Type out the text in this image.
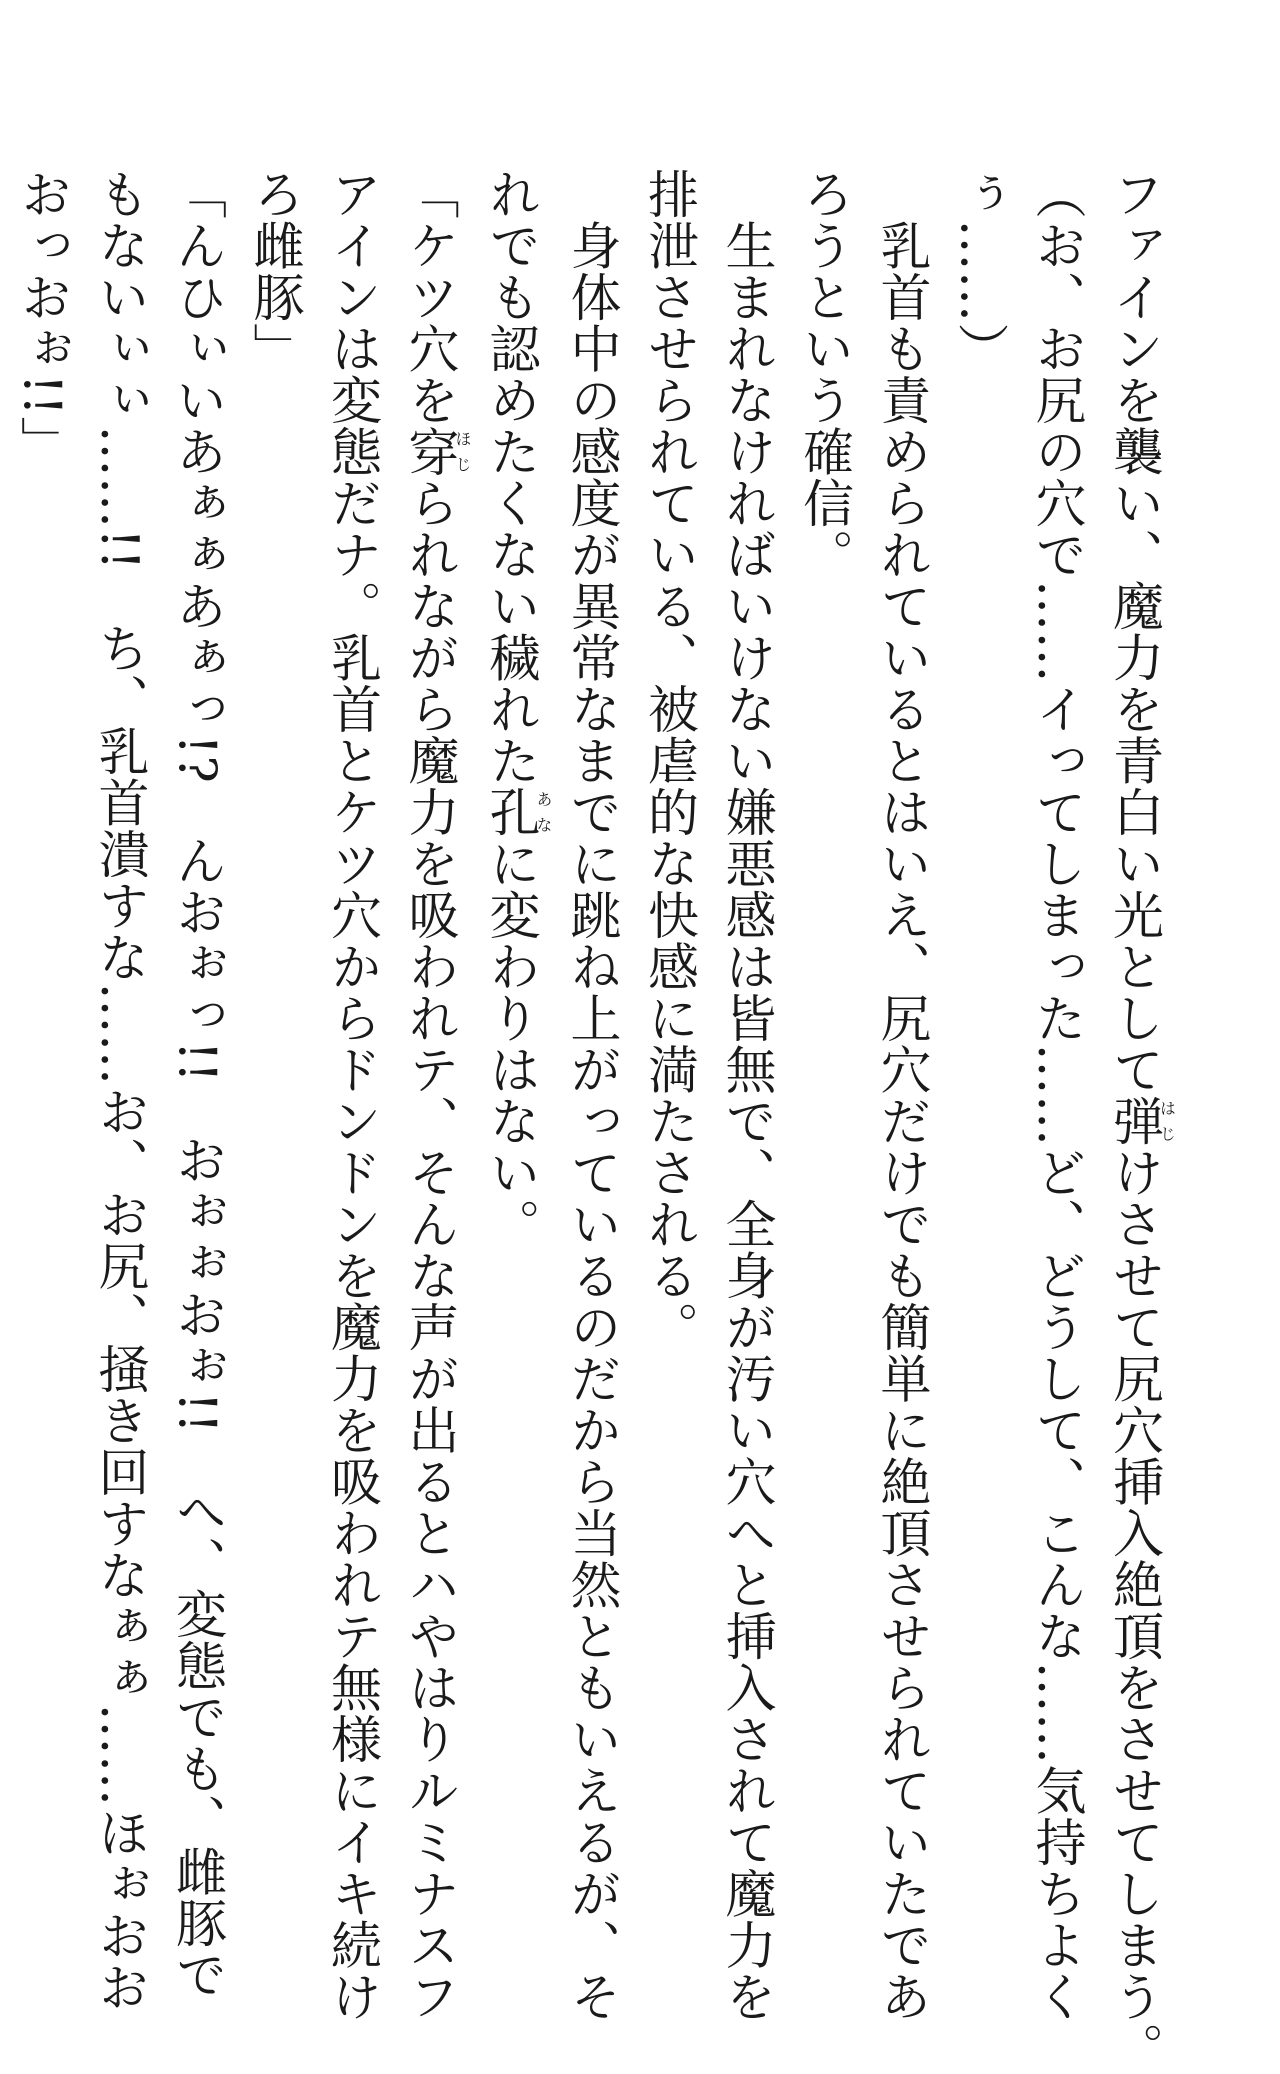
ファインを襲い、魔力を青白い光として弾はじけさせて尻穴挿入絶頂をさせてしまう。
（お、お尻の穴で……イってしまった……ど、どうして、こんな……気持ちよく
ぅ……）
　乳首も責められているとはいえ、尻穴だけでも簡単に絶頂させられていたであ
ろうという確信。
　生まれなければいけない嫌悪感は皆無で、全身が汚い穴へと挿入されて魔力を
排泄させられている、被虐的な快感に満たされる。
　身体中の感度が異常なまでに跳ね上がっているのだから当然ともいえるが、そ
れでも認めたくない穢れた孔あなに変わりはない。
「ケツ穴を穿ほじられながら魔力を吸われテ、そんな声が出るとハやはりルミナスフ
アインは変態だナ。乳首とケツ穴からドンドンを魔力を吸われテ無様にイキ続け
ろ雌豚」
「んひぃいあぁぁあぁっ!?　んおぉっ!!　おぉぉおぉ!!　へ、変態でも、雌豚で
もないぃぃ……!!　ち、乳首潰すな……お、お尻、掻き回すなぁぁ……ほぉおお
おっおぉ!!」
